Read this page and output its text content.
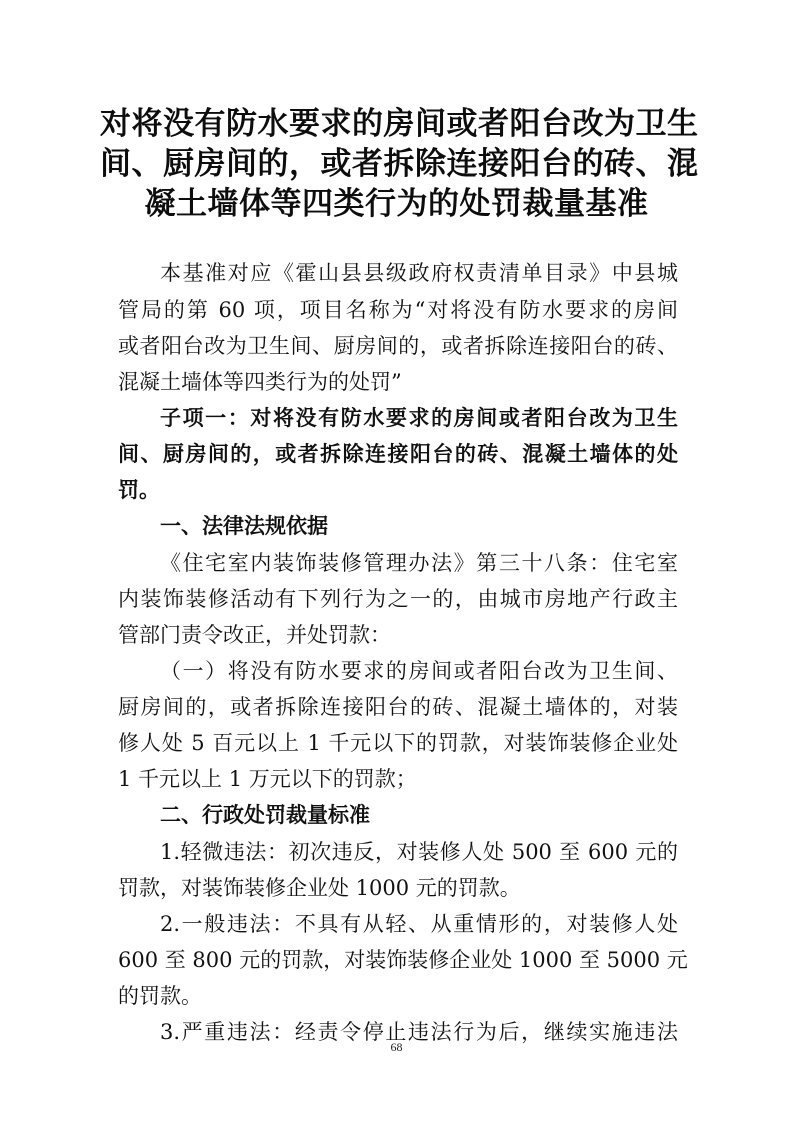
对将没有防水要求的房间或者阳台改为卫生

间、厨房间的，或者拆除连接阳台的砖、混

凝土墙体等四类行为的处罚裁量基准

本基准对应《霍山县县级政府权责清单目录》中县城

管局的第 60 项，项目名称为“对将没有防水要求的房间

或者阳台改为卫生间、厨房间的，或者拆除连接阳台的砖、

混凝土墙体等四类行为的处罚”

子项一：对将没有防水要求的房间或者阳台改为卫生

间、厨房间的，或者拆除连接阳台的砖、混凝土墙体的处

罚。

一、法律法规依据

《住宅室内装饰装修管理办法》第三十八条：住宅室

内装饰装修活动有下列行为之一的，由城市房地产行政主

管部门责令改正，并处罚款：

（一）将没有防水要求的房间或者阳台改为卫生间、

厨房间的，或者拆除连接阳台的砖、混凝土墙体的，对装

修人处 5 百元以上 1 千元以下的罚款，对装饰装修企业处

1 千元以上 1 万元以下的罚款；

二、行政处罚裁量标准

1.轻微违法：初次违反，对装修人处 500 至 600 元的

罚款，对装饰装修企业处 1000 元的罚款。

2.一般违法：不具有从轻、从重情形的，对装修人处

600 至 800 元的罚款，对装饰装修企业处 1000 至 5000 元

的罚款。

3.严重违法：经责令停止违法行为后，继续实施违法

68
